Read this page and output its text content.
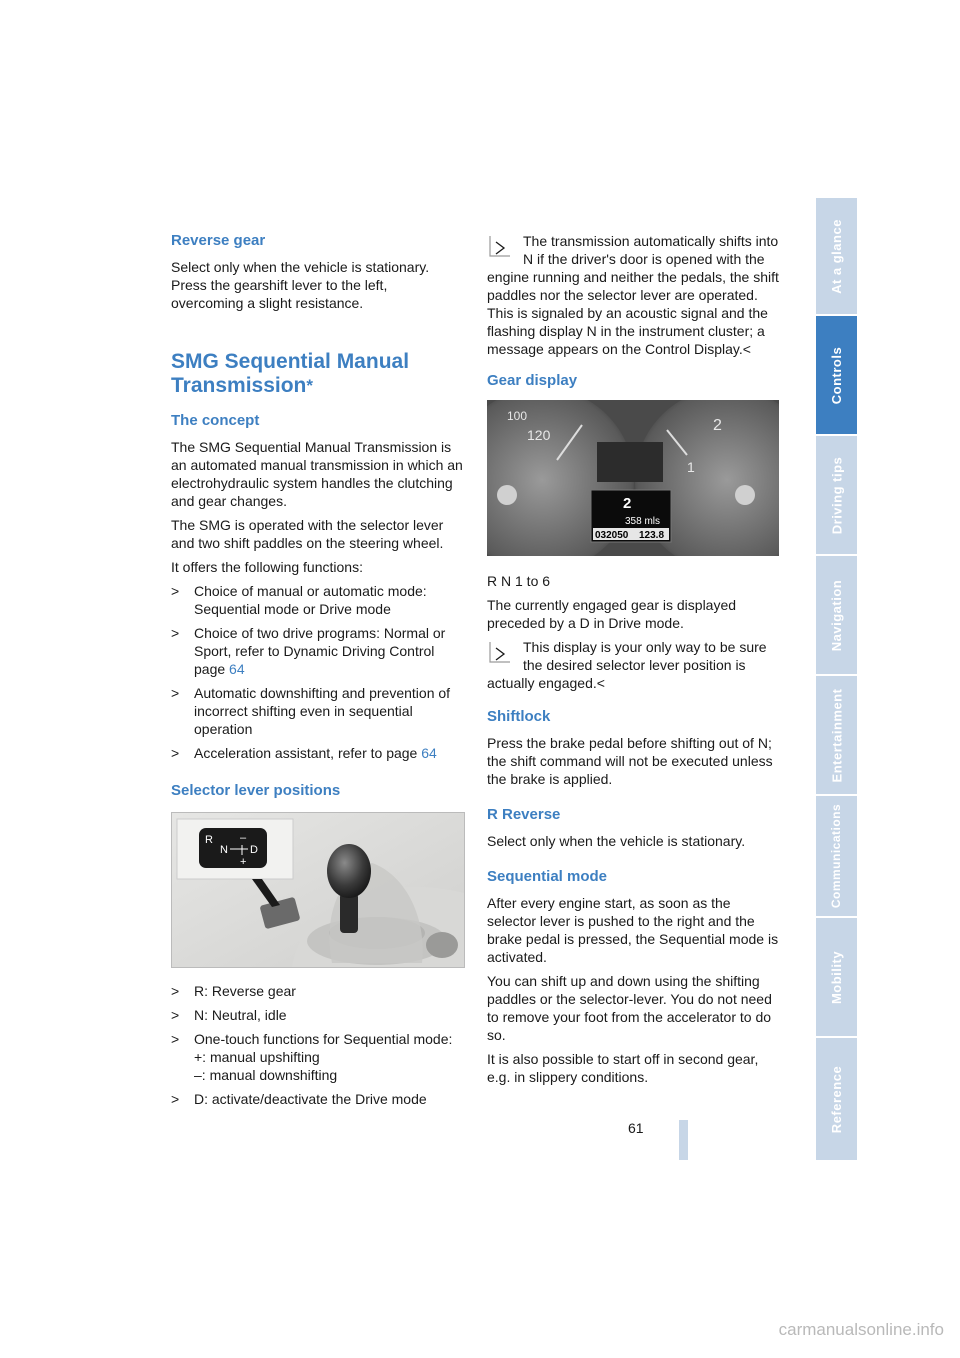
Reverse gear

Select only when the vehicle is stationary. Press the gearshift lever to the left, overcoming a slight resistance.

SMG Sequential Manual
Transmission*
The concept

The SMG Sequential Manual Transmission is an automated manual transmission in which an electrohydraulic system handles the clutching and gear changes.

The SMG is operated with the selector lever and two shift paddles on the steering wheel.

It offers the following functions:

> Choice of manual or automatic mode: Sequential mode or Drive mode
> Choice of two drive programs: Normal or Sport, refer to Dynamic Driving Control page 64
> Automatic downshifting and prevention of incorrect shifting even in sequential operation
> Acceleration assistant, refer to page 64
Selector lever positions
R
N D
–
+
> R: Reverse gear
> N: Neutral, idle
> One-touch functions for Sequential mode:
+: manual upshifting
–: manual downshifting
> D: activate/deactivate the Drive mode
The transmission automatically shifts into N if the driver's door is opened with the engine running and neither the pedals, the shift paddles nor the selector lever are operated. This is signaled by an acoustic signal and the flashing display N in the instrument cluster; a message appears on the Control Display.<
Gear display
120
100
2
1
2
358 mls
032050 123.8

R N 1 to 6

The currently engaged gear is displayed preceded by a D in Drive mode.

This display is your only way to be sure the desired selector lever position is actually engaged.<
Shiftlock

Press the brake pedal before shifting out of N; the shift command will not be executed unless the brake is applied.

R Reverse

Select only when the vehicle is stationary.

Sequential mode

After every engine start, as soon as the selector lever is pushed to the right and the brake pedal is pressed, the Sequential mode is activated.

You can shift up and down using the shifting paddles or the selector-lever. You do not need to remove your foot from the accelerator to do so.

It is also possible to start off in second gear, e.g. in slippery conditions.

At a glance
Controls
Driving tips
Navigation
Entertainment
Communications
Mobility
Reference
61
carmanualsonline.info
